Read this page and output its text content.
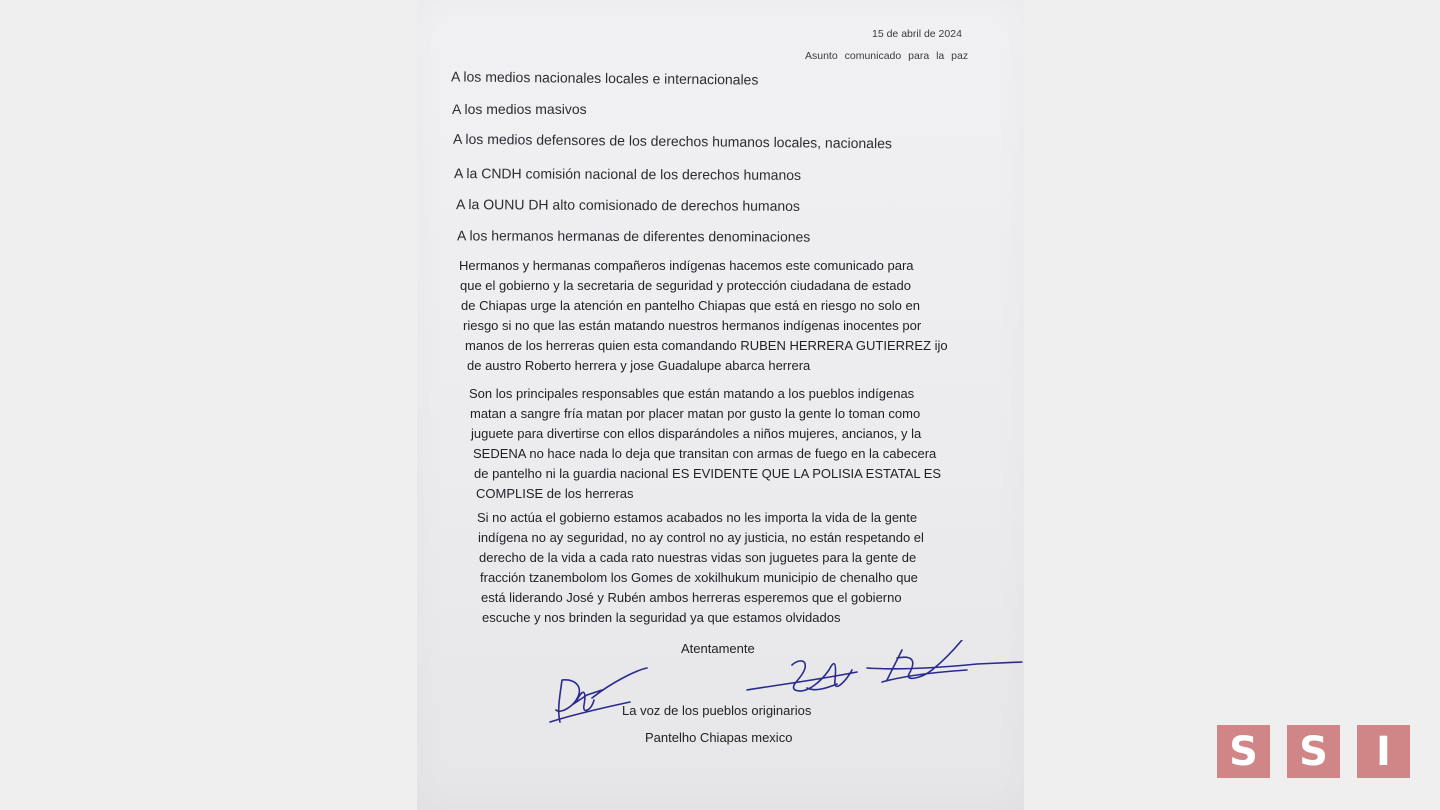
15 de abril de 2024
Asunto comunicado para la paz
A los medios nacionales locales e internacionales
A los medios masivos
A los medios defensores de los derechos humanos locales, nacionales
A la CNDH comisión nacional de los derechos humanos
A la OUNU DH alto comisionado de derechos humanos
A los hermanos hermanas de diferentes denominaciones
Hermanos y hermanas compañeros indígenas hacemos este comunicado para
que el gobierno y la secretaria de seguridad y protección ciudadana de estado
de Chiapas urge la atención en pantelho Chiapas que está en riesgo no solo en
riesgo si no que las están matando nuestros hermanos indígenas inocentes por
manos de los herreras quien esta comandando RUBEN HERRERA GUTIERREZ ijo
de austro Roberto herrera y jose Guadalupe abarca herrera
Son los principales responsables que están matando a los pueblos indígenas
matan a sangre fría matan por placer matan por gusto la gente lo toman como
juguete para divertirse con ellos disparándoles a niños mujeres, ancianos, y la
SEDENA no hace nada lo deja que transitan con armas de fuego en la cabecera
de pantelho ni la guardia nacional ES EVIDENTE QUE LA POLISIA ESTATAL ES
COMPLISE de los herreras
Si no actúa el gobierno estamos acabados no les importa la vida de la gente
indígena no ay seguridad, no ay control no ay justicia, no están respetando el
derecho de la vida a cada rato nuestras vidas son juguetes para la gente de
fracción tzanembolom los Gomes de xokilhukum municipio de chenalho que
está liderando José y Rubén ambos herreras esperemos que el gobierno
escuche y nos brinden la seguridad ya que estamos olvidados
Atentamente
La voz de los pueblos originarios
Pantelho Chiapas mexico	S	S	I
